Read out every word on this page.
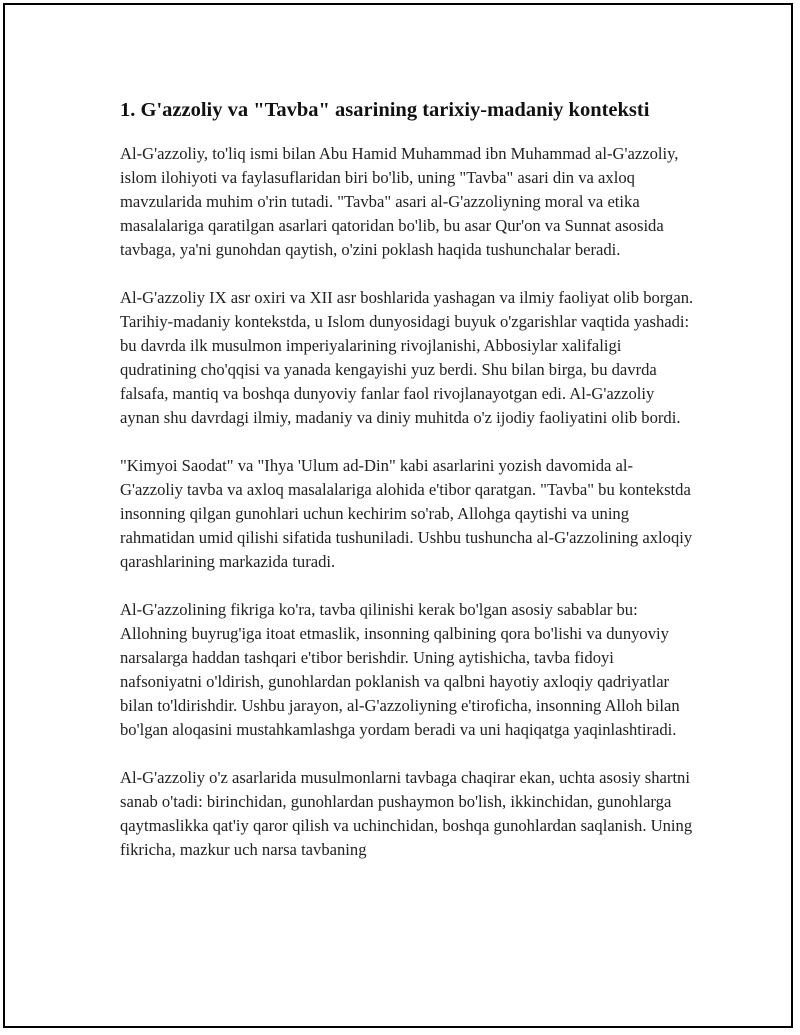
1. G'azzoliy va "Tavba" asarining tarixiy-madaniy konteksti

Al-G'azzoliy, to'liq ismi bilan Abu Hamid Muhammad ibn Muhammad al-G'azzoliy, islom ilohiyoti va faylasuflaridan biri bo'lib, uning "Tavba" asari din va axloq mavzularida muhim o'rin tutadi. "Tavba" asari al-G'azzoliyning moral va etika masalalariga qaratilgan asarlari qatoridan bo'lib, bu asar Qur'on va Sunnat asosida tavbaga, ya'ni gunohdan qaytish, o'zini poklash haqida tushunchalar beradi.

Al-G'azzoliy IX asr oxiri va XII asr boshlarida yashagan va ilmiy faoliyat olib borgan. Tarihiy-madaniy kontekstda, u Islom dunyosidagi buyuk o'zgarishlar vaqtida yashadi: bu davrda ilk musulmon imperiyalarining rivojlanishi, Abbosiylar xalifaligi qudratining cho'qqisi va yanada kengayishi yuz berdi. Shu bilan birga, bu davrda falsafa, mantiq va boshqa dunyoviy fanlar faol rivojlanayotgan edi. Al-G'azzoliy aynan shu davrdagi ilmiy, madaniy va diniy muhitda o'z ijodiy faoliyatini olib bordi.

"Kimyoi Saodat" va "Ihya 'Ulum ad-Din" kabi asarlarini yozish davomida al-G'azzoliy tavba va axloq masalalariga alohida e'tibor qaratgan. "Tavba" bu kontekstda insonning qilgan gunohlari uchun kechirim so'rab, Allohga qaytishi va uning rahmatidan umid qilishi sifatida tushuniladi. Ushbu tushuncha al-G'azzolining axloqiy qarashlarining markazida turadi.

Al-G'azzolining fikriga ko'ra, tavba qilinishi kerak bo'lgan asosiy sabablar bu: Allohning buyrug'iga itoat etmaslik, insonning qalbining qora bo'lishi va dunyoviy narsalarga haddan tashqari e'tibor berishdir. Uning aytishicha, tavba fidoyi nafsoniyatni o'ldirish, gunohlardan poklanish va qalbni hayotiy axloqiy qadriyatlar bilan to'ldirishdir. Ushbu jarayon, al-G'azzoliyning e'tiroficha, insonning Alloh bilan bo'lgan aloqasini mustahkamlashga yordam beradi va uni haqiqatga yaqinlashtiradi.

Al-G'azzoliy o'z asarlarida musulmonlarni tavbaga chaqirar ekan, uchta asosiy shartni sanab o'tadi: birinchidan, gunohlardan pushaymon bo'lish, ikkinchidan, gunohlarga qaytmaslikka qat'iy qaror qilish va uchinchidan, boshqa gunohlardan saqlanish. Uning fikricha, mazkur uch narsa tavbaning
